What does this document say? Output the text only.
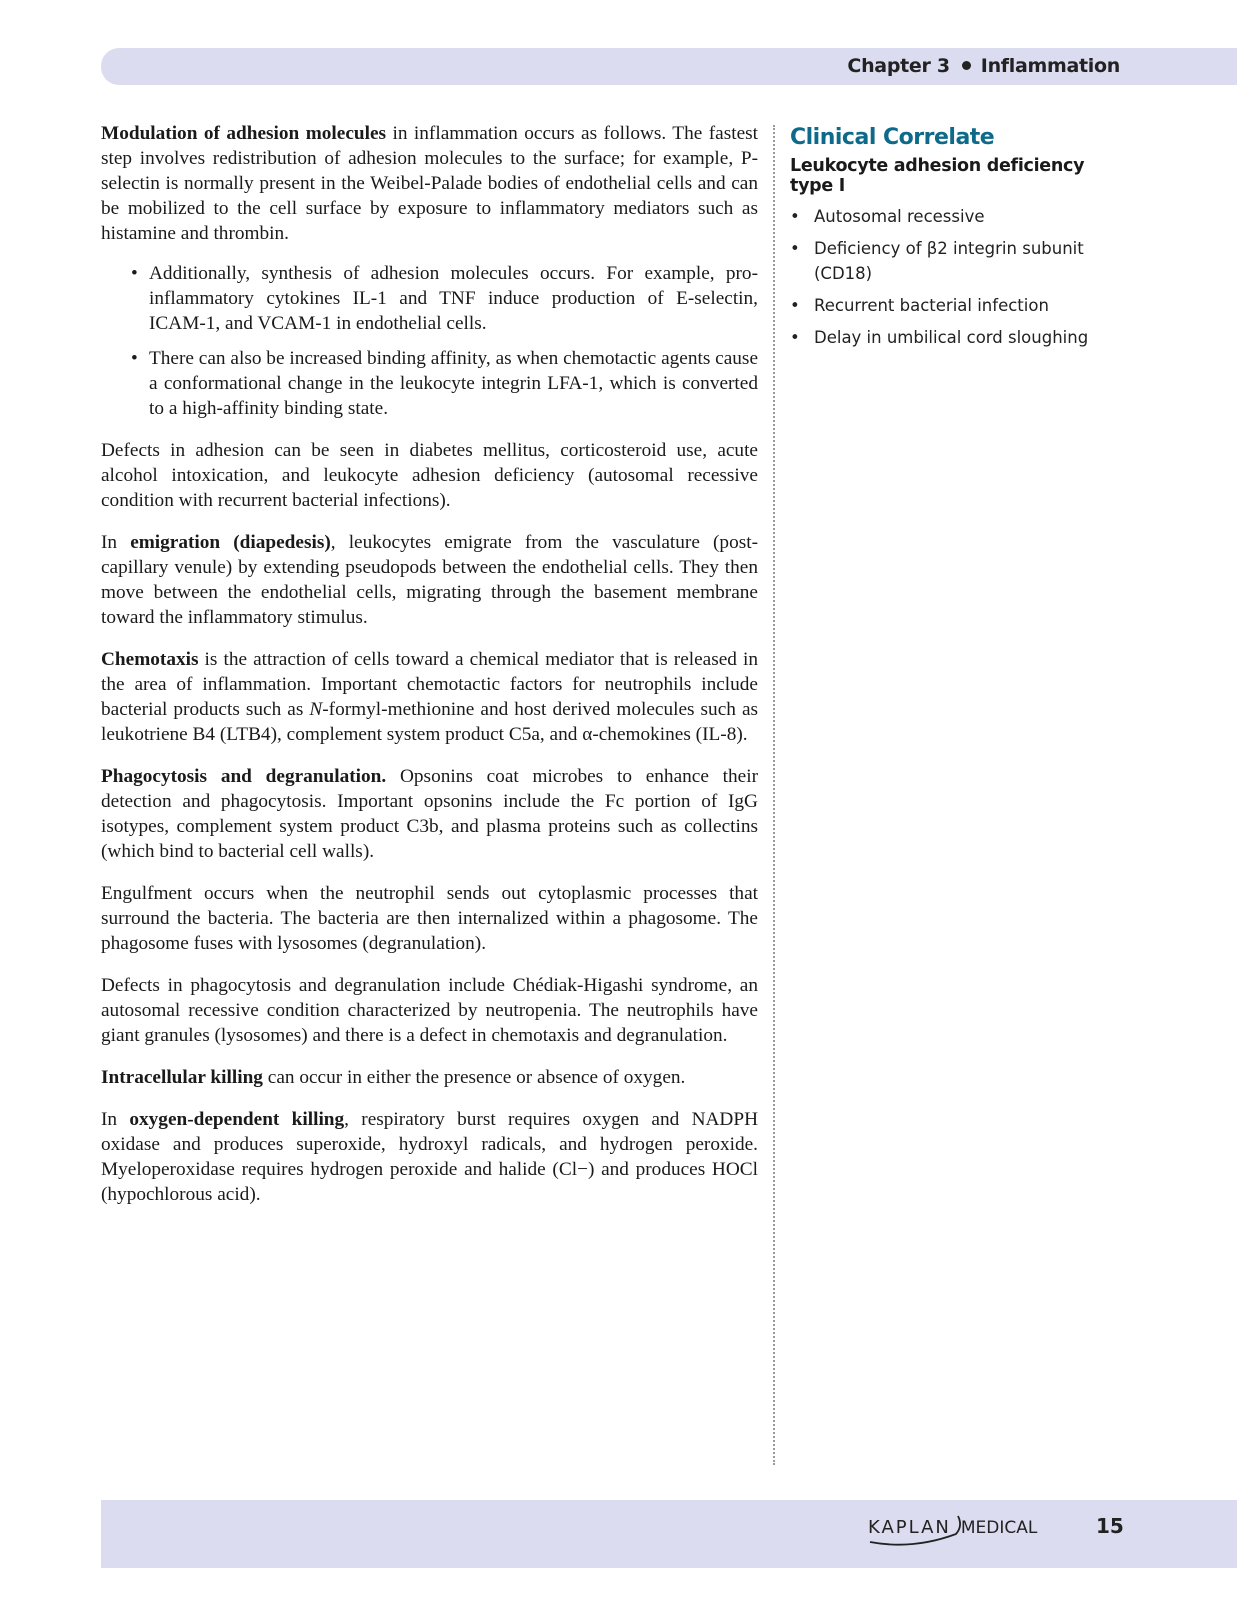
Chapter 3 Inflammation

Modulation of adhesion molecules in inflammation occurs as follows. The fastest step involves redistribution of adhesion molecules to the surface; for example, P-selectin is normally present in the Weibel-Palade bodies of endothelial cells and can be mobilized to the cell surface by exposure to inflammatory mediators such as histamine and thrombin.

• Additionally, synthesis of adhesion molecules occurs. For example, pro-inflammatory cytokines IL-1 and TNF induce production of E-selectin, ICAM-1, and VCAM-1 in endothelial cells.
• There can also be increased binding affinity, as when chemotactic agents cause a conformational change in the leukocyte integrin LFA-1, which is converted to a high-affinity binding state.

Defects in adhesion can be seen in diabetes mellitus, corticosteroid use, acute alcohol intoxication, and leukocyte adhesion deficiency (autosomal recessive condition with recurrent bacterial infections).

In emigration (diapedesis), leukocytes emigrate from the vasculature (post-capillary venule) by extending pseudopods between the endothelial cells. They then move between the endothelial cells, migrating through the basement membrane toward the inflammatory stimulus.

Chemotaxis is the attraction of cells toward a chemical mediator that is released in the area of inflammation. Important chemotactic factors for neutrophils include bacterial products such as N-formyl-methionine and host derived molecules such as leukotriene B4 (LTB4), complement system product C5a, and α-chemokines (IL-8).

Phagocytosis and degranulation. Opsonins coat microbes to enhance their detection and phagocytosis. Important opsonins include the Fc portion of IgG isotypes, complement system product C3b, and plasma proteins such as collectins (which bind to bacterial cell walls).

Engulfment occurs when the neutrophil sends out cytoplasmic processes that surround the bacteria. The bacteria are then internalized within a phagosome. The phagosome fuses with lysosomes (degranulation).

Defects in phagocytosis and degranulation include Chédiak-Higashi syndrome, an autosomal recessive condition characterized by neutropenia. The neutrophils have giant granules (lysosomes) and there is a defect in chemotaxis and degranulation.

Intracellular killing can occur in either the presence or absence of oxygen.

In oxygen-dependent killing, respiratory burst requires oxygen and NADPH oxidase and produces superoxide, hydroxyl radicals, and hydrogen peroxide. Myeloperoxidase requires hydrogen peroxide and halide (Cl−) and produces HOCl (hypochlorous acid).

Clinical Correlate
Leukocyte adhesion deficiency type I
• Autosomal recessive
• Deficiency of β2 integrin subunit (CD18)
• Recurrent bacterial infection
• Delay in umbilical cord sloughing
KAPLAN MEDICAL	15
